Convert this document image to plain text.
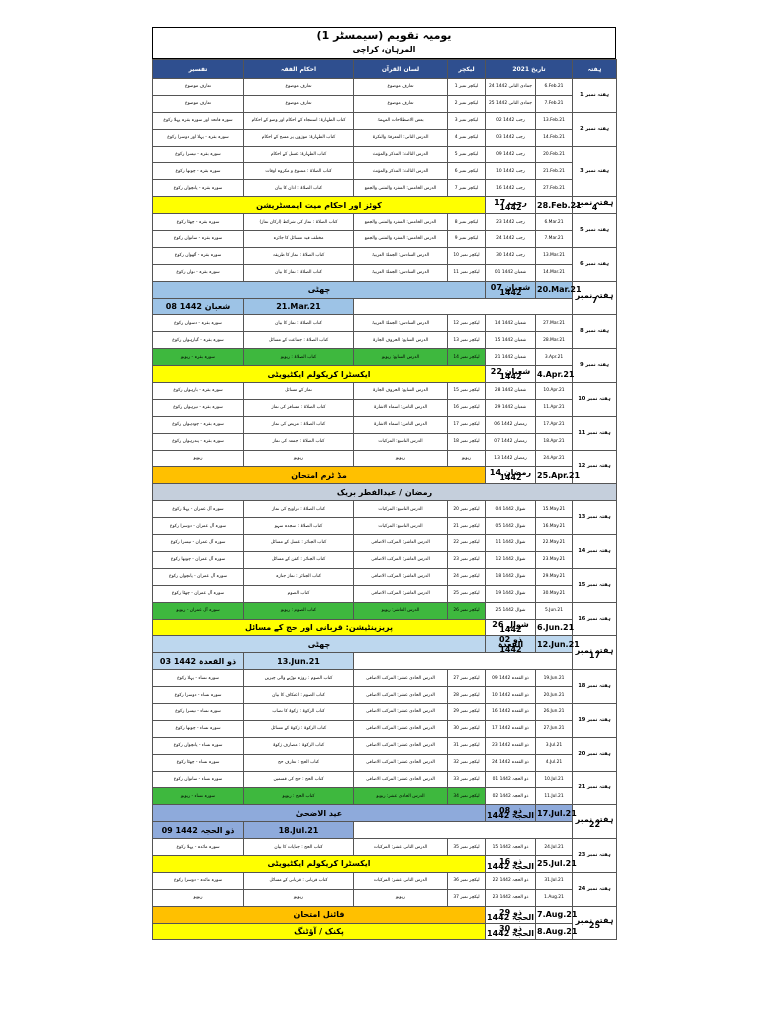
یومیہ تقویم (سیمسٹر 1)
المرہان، کراچی
تفسیر	احکام الفقہ	لسان القرآن	لیکچر	تاریخ 2021		ہفتہ
تعارف موضوع	تعارف موضوع	تعارف موضوع	لیکچر نمبر 1	24 جمادی الثانی 1442	6.Feb.21	ہفتہ نمبر 1
تعارف موضوع	تعارف موضوع	تعارف موضوع	لیکچر نمبر 2	25 جمادی الثانی 1442	7.Feb.21	
سورہ فاتحہ اور سورہ بقرہ پہلا رکوع	کتاب الطہارۃ: استنجاء کے احکام اور وضو کے احکام	بعض الاصطلاحات المہمۃ	لیکچر نمبر 3	02 رجب 1442	13.Feb.21	ہفتہ نمبر 2
سورہ بقرہ - پہلا اور دوسرا رکوع	کتاب الطہارۃ: موزوں پر مسح کے احکام	الدرس الثانی: المعرفۃ والنکرۃ	لیکچر نمبر 4	03 رجب 1442	14.Feb.21	
سورہ بقرہ - تیسرا رکوع	کتاب الطہارۃ: غسل کے احکام	الدرس الثالث: المذکر والمؤنث	لیکچر نمبر 5	09 رجب 1442	20.Feb.21	ہفتہ نمبر 3
سورہ بقرہ - چوتھا رکوع	کتاب الصلاۃ : ممنوع و مکروہ اوقات	الدرس الثالث: المذکر والمؤنث	لیکچر نمبر 6	10 رجب 1442	21.Feb.21	
سورہ بقرہ - پانچواں رکوع	کتاب الصلاۃ : اذان کا بیان	الدرس الخامس: المفرد والمثنی والجمع	لیکچر نمبر 7	16 رجب 1442	27.Feb.21	
کوئز اور احکام میت ایمسٹریشن				17 رجب 1442	28.Feb.21	ہفتہ نمبر 4
سورہ بقرہ - چھٹا رکوع	کتاب الصلاۃ : نماز کی شرائط (ارکان نماز)	الدرس الخامس: المفرد والمثنی والجمع	لیکچر نمبر 8	23 رجب 1442	6.Mar.21	ہفتہ نمبر 5
سورہ بقرہ - ساتواں رکوع	مختلف فیہ مسائل کا جائزہ	الدرس الخامس: المفرد والمثنی والجمع	لیکچر نمبر 9	24 رجب 1442	7.Mar.21	
سورہ بقرہ - آٹھواں رکوع	کتاب الصلاۃ : نماز کا طریقہ	الدرس السادس: الجملۃ العربیۃ	لیکچر نمبر 10	30 رجب 1442	13.Mar.21	ہفتہ نمبر 6
سورہ بقرہ - نواں رکوع	کتاب الصلاۃ : نماز کا بیان	الدرس السادس: الجملۃ العربیۃ	لیکچر نمبر 11	01 شعبان 1442	14.Mar.21	
چھٹی				07 شعبان 1442	20.Mar.21	ہفتہ نمبر 7
08 شعبان 1442	21.Mar.21					
سورہ بقرہ - دسواں رکوع	کتاب الصلاۃ : نماز کا بیان	الدرس السادس: الجملۃ العربیۃ	لیکچر نمبر 12	14 شعبان 1442	27.Mar.21	ہفتہ نمبر 8
سورہ بقرہ - گیارہواں رکوع	کتاب الصلاۃ : جماعت کے مسائل	الدرس السابع: الحروف الجارۃ	لیکچر نمبر 13	15 شعبان 1442	28.Mar.21	
سورہ بقرہ - ریویو	کتاب الصلاۃ : ریویو	الدرس السابع: ریویو	لیکچر نمبر 14	21 شعبان 1442	3.Apr.21	ہفتہ نمبر 9
ایکسٹرا کریکولم ایکٹیویٹی				22 شعبان 1442	4.Apr.21	
سورہ بقرہ - بارہواں رکوع	نماز کے مسائل	الدرس السابع: الحروف الجارۃ	لیکچر نمبر 15	28 شعبان 1442	10.Apr.21	ہفتہ نمبر 10
سورہ بقرہ - تیرہواں رکوع	کتاب الصلاۃ : مسافر کی نماز	الدرس الثامن: اسماء الاشارۃ	لیکچر نمبر 16	29 شعبان 1442	11.Apr.21	
سورہ بقرہ - چودہواں رکوع	کتاب الصلاۃ : مریض کی نماز	الدرس الثامن: اسماء الاشارۃ	لیکچر نمبر 17	06 رمضان 1442	17.Apr.21	ہفتہ نمبر 11
سورہ بقرہ - پندرہواں رکوع	کتاب الصلاۃ : جمعہ کی نماز	الدرس التاسع: المرکبات	لیکچر نمبر 18	07 رمضان 1442	18.Apr.21	
ریویو	ریویو	ریویو	ریویو	13 رمضان 1442	24.Apr.21	ہفتہ نمبر 12
مڈ ٹرم امتحان				14 رمضان 1442	25.Apr.21	
رمضان / عیدالفطر بریک						
سورہ آل عمران - پہلا رکوع	کتاب الصلاۃ : تراویح کی نماز	الدرس التاسع: المرکبات	لیکچر نمبر 20	04 شوال 1442	15.May.21	ہفتہ نمبر 13
سورہ آل عمران - دوسرا رکوع	کتاب الصلاۃ : سجدہ سہو	الدرس التاسع: المرکبات	لیکچر نمبر 21	05 شوال 1442	16.May.21	
سورہ آل عمران - تیسرا رکوع	کتاب الجنائز : غسل کے مسائل	الدرس العاشر: المرکب الاضافی	لیکچر نمبر 22	11 شوال 1442	22.May.21	ہفتہ نمبر 14
سورہ آل عمران - چوتھا رکوع	کتاب الجنائز : کفن کے مسائل	الدرس العاشر: المرکب الاضافی	لیکچر نمبر 23	12 شوال 1442	23.May.21	
سورہ آل عمران - پانچواں رکوع	کتاب الجنائز : نماز جنازہ	الدرس العاشر: المرکب الاضافی	لیکچر نمبر 24	18 شوال 1442	29.May.21	ہفتہ نمبر 15
سورہ آل عمران - چھٹا رکوع	کتاب الصوم	الدرس العاشر: المرکب الاضافی	لیکچر نمبر 25	19 شوال 1442	30.May.21	
سورہ آل عمران - ریویو	کتاب الصوم : ریویو	الدرس العاشر: ریویو	لیکچر نمبر 26	25 شوال 1442	5.Jun.21	ہفتہ نمبر 16
پریزینٹیشن: قربانی اور حج کے مسائل				26 شوال 1442	6.Jun.21	
چھٹی				02 ذو القعدہ 1442	12.Jun.21	ہفتہ نمبر 17
03 ذو القعدہ 1442	13.Jun.21					
سورہ نساء - پہلا رکوع	کتاب الصوم : روزہ توڑنے والی چیزیں	الدرس الحادی عشر: المرکب الاضافی	لیکچر نمبر 27	09 ذو القعدہ 1442	19.Jun.21	ہفتہ نمبر 18
سورہ نساء - دوسرا رکوع	کتاب الصوم : اعتکاف کا بیان	الدرس الحادی عشر: المرکب الاضافی	لیکچر نمبر 28	10 ذو القعدہ 1442	20.Jun.21	
سورہ نساء - تیسرا رکوع	کتاب الزکوۃ : زکوۃ کا نصاب	الدرس الحادی عشر: المرکب الاضافی	لیکچر نمبر 29	16 ذو القعدہ 1442	26.Jun.21	ہفتہ نمبر 19
سورہ نساء - چوتھا رکوع	کتاب الزکوۃ : زکوۃ کے مسائل	الدرس الحادی عشر: المرکب الاضافی	لیکچر نمبر 30	17 ذو القعدہ 1442	27.Jun.21	
سورہ نساء - پانچواں رکوع	کتاب الزکوۃ : مصارف زکوۃ	الدرس الحادی عشر: المرکب الاضافی	لیکچر نمبر 31	23 ذو القعدہ 1442	3.Jul.21	ہفتہ نمبر 20
سورہ نساء - چھٹا رکوع	کتاب الحج : تعارف حج	الدرس الحادی عشر: المرکب الاضافی	لیکچر نمبر 32	24 ذو القعدہ 1442	4.Jul.21	
سورہ نساء - ساتواں رکوع	کتاب الحج : حج کی قسمیں	الدرس الحادی عشر: المرکب الاضافی	لیکچر نمبر 33	01 ذو الحجہ 1442	10.Jul.21	ہفتہ نمبر 21
سورہ نساء - ریویو	کتاب الحج : ریویو	الدرس الحادی عشر: ریویو	لیکچر نمبر 34	02 ذو الحجہ 1442	11.Jul.21	
عید الاضحیٰ				08 ذو الحجہ 1442	17.Jul.21	ہفتہ نمبر 22
09 ذو الحجہ 1442	18.Jul.21					
سورہ مائدہ - پہلا رکوع	کتاب الحج : جنایات کا بیان	الدرس الثانی عشر: المرکبات	لیکچر نمبر 35	15 ذو الحجہ 1442	24.Jul.21	ہفتہ نمبر 23
ایکسٹرا کریکولم ایکٹیویٹی				16 ذو الحجہ 1442	25.Jul.21	
سورہ مائدہ - دوسرا رکوع	کتاب قربانی : قربانی کے مسائل	الدرس الثانی عشر: المرکبات	لیکچر نمبر 36	22 ذو الحجہ 1442	31.Jul.21	ہفتہ نمبر 24
ریویو	ریویو	ریویو	لیکچر نمبر 37	23 ذو الحجہ 1442	1.Aug.21	
فائنل امتحان				29 ذو الحجہ 1442	7.Aug.21	ہفتہ نمبر 25
پکنک / آؤٹنگ				30 ذو الحجہ 1442	8.Aug.21	
